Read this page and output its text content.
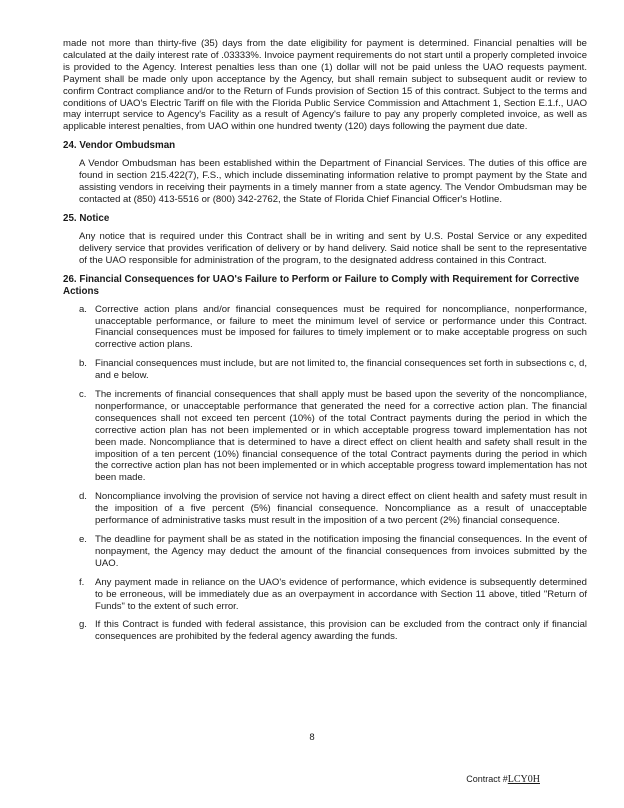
made not more than thirty-five (35) days from the date eligibility for payment is determined. Financial penalties will be calculated at the daily interest rate of .03333%. Invoice payment requirements do not start until a properly completed invoice is provided to the Agency. Interest penalties less than one (1) dollar will not be paid unless the UAO requests payment. Payment shall be made only upon acceptance by the Agency, but shall remain subject to subsequent audit or review to confirm Contract compliance and/or to the Return of Funds provision of Section 15 of this contract. Subject to the terms and conditions of UAO's Electric Tariff on file with the Florida Public Service Commission and Attachment 1, Section E.1.f., UAO may interrupt service to Agency's Facility as a result of Agency's failure to pay any properly completed invoice, as well as applicable interest penalties, from UAO within one hundred twenty (120) days following the payment due date.

24. Vendor Ombudsman

A Vendor Ombudsman has been established within the Department of Financial Services. The duties of this office are found in section 215.422(7), F.S., which include disseminating information relative to prompt payment by the State and assisting vendors in receiving their payments in a timely manner from a state agency. The Vendor Ombudsman may be contacted at (850) 413-5516 or (800) 342-2762, the State of Florida Chief Financial Officer's Hotline.

25. Notice

Any notice that is required under this Contract shall be in writing and sent by U.S. Postal Service or any expedited delivery service that provides verification of delivery or by hand delivery. Said notice shall be sent to the representative of the UAO responsible for administration of the program, to the designated address contained in this Contract.

26. Financial Consequences for UAO's Failure to Perform or Failure to Comply with Requirement for Corrective Actions
a. Corrective action plans and/or financial consequences must be required for noncompliance, nonperformance, unacceptable performance, or failure to meet the minimum level of service or performance under this Contract. Financial consequences must be imposed for failures to timely implement or to make acceptable progress on such corrective action plans.

b. Financial consequences must include, but are not limited to, the financial consequences set forth in subsections c, d, and e below.

c. The increments of financial consequences that shall apply must be based upon the severity of the noncompliance, nonperformance, or unacceptable performance that generated the need for a corrective action plan. The financial consequences shall not exceed ten percent (10%) of the total Contract payments during the period in which the corrective action plan has not been implemented or in which acceptable progress toward implementation has not been made. Noncompliance that is determined to have a direct effect on client health and safety shall result in the imposition of a ten percent (10%) financial consequence of the total Contract payments during the period in which the corrective action plan has not been implemented or in which acceptable progress toward implementation has not been made.

d. Noncompliance involving the provision of service not having a direct effect on client health and safety must result in the imposition of a five percent (5%) financial consequence. Noncompliance as a result of unacceptable performance of administrative tasks must result in the imposition of a two percent (2%) financial consequence.

e. The deadline for payment shall be as stated in the notification imposing the financial consequences. In the event of nonpayment, the Agency may deduct the amount of the financial consequences from invoices submitted by the UAO.

f.	Any payment made in reliance on the UAO's evidence of performance, which evidence is subsequently determined to be erroneous, will be immediately due as an overpayment in accordance with Section 11 above, titled "Return of Funds" to the extent of such error.

g. If this Contract is funded with federal assistance, this provision can be excluded from the contract only if financial consequences are prohibited by the federal agency awarding the funds.

8
Contract #LCY0H
